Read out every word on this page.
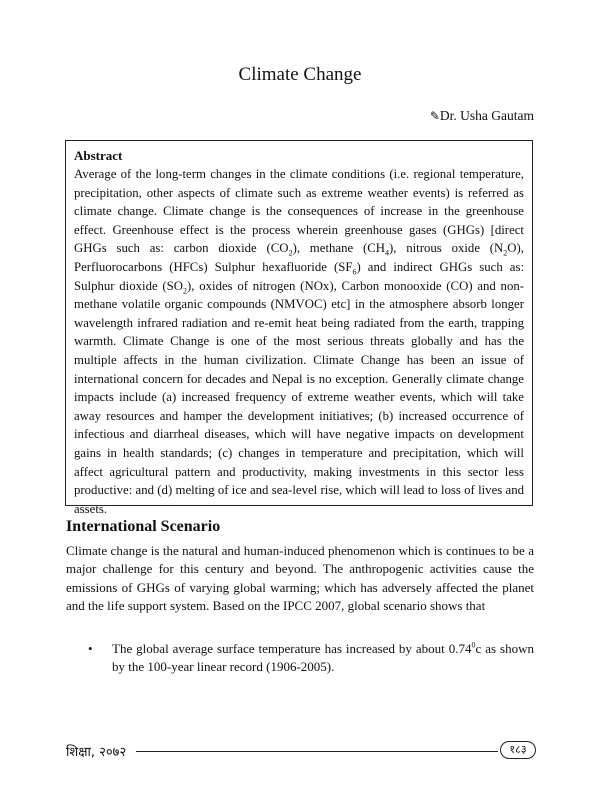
Climate Change
✎Dr. Usha Gautam

Abstract

Average of the long-term changes in the climate conditions (i.e. regional temperature, precipitation, other aspects of climate such as extreme weather events) is referred as climate change. Climate change is the consequences of increase in the greenhouse effect. Greenhouse effect is the process wherein greenhouse gases (GHGs) [direct GHGs such as: carbon dioxide $(CO_2)$, methane $(CH_4)$, nitrous oxide $(N_2O)$, Perfluorocarbons (HFCs) Sulphur hexafluoride $(SF_6)$ and indirect GHGs such as: Sulphur dioxide $(SO_2)$, oxides of nitrogen (NOx), Carbon monooxide (CO) and non-methane volatile organic compounds (NMVOC) etc] in the atmosphere absorb longer wavelength infrared radiation and re-emit heat being radiated from the earth, trapping warmth. Climate Change is one of the most serious threats globally and has the multiple affects in the human civilization. Climate Change has been an issue of international concern for decades and Nepal is no exception. Generally climate change impacts include (a) increased frequency of extreme weather events, which will take away resources and hamper the development initiatives; (b) increased occurrence of infectious and diarrheal diseases, which will have negative impacts on development gains in health standards; (c) changes in temperature and precipitation, which will affect agricultural pattern and productivity, making investments in this sector less productive: and (d) melting of ice and sea-level rise, which will lead to loss of lives and assets.

International Scenario

Climate change is the natural and human-induced phenomenon which is continues to be a major challenge for this century and beyond. The anthropogenic activities cause the emissions of GHGs of varying global warming; which has adversely affected the planet and the life support system. Based on the IPCC 2007, global scenario shows that

•	The global average surface temperature has increased by about 0.74$^0$c as shown by the 100-year linear record (1906-2005).
शिक्षा, २०७२	१८३
